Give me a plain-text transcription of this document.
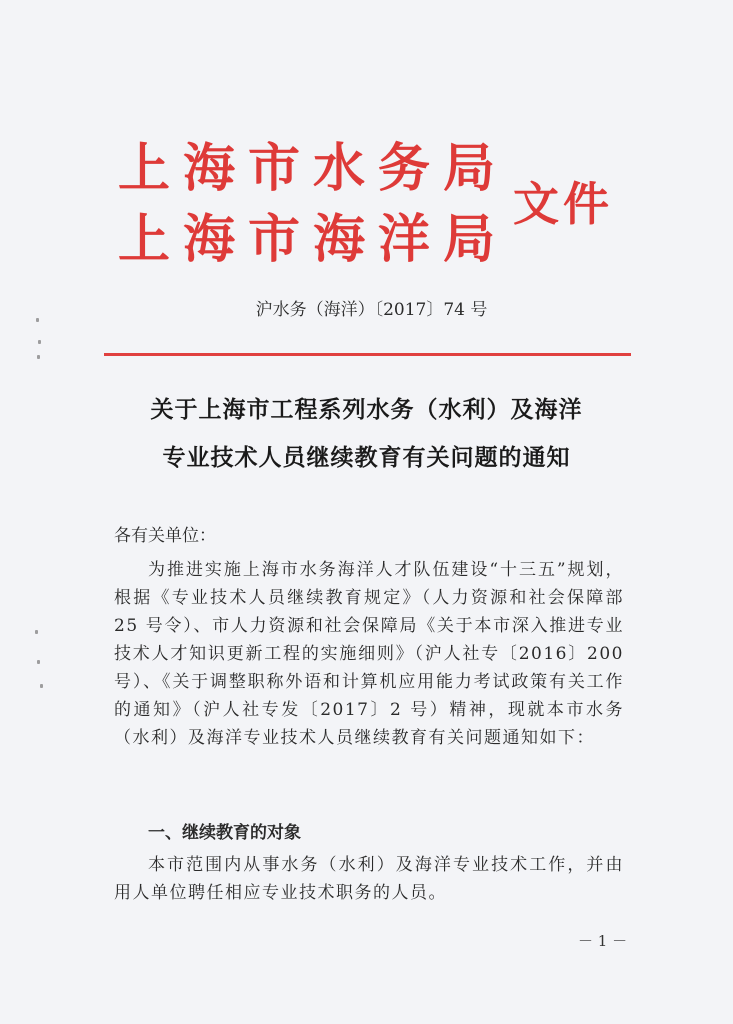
上海市水务局
上海市海洋局
文件
沪水务（海洋）〔2017〕74 号
关于上海市工程系列水务（水利）及海洋
专业技术人员继续教育有关问题的通知
各有关单位：
为推进实施上海市水务海洋人才队伍建设“十三五”规划，根据《专业技术人员继续教育规定》（人力资源和社会保障部 25 号令）、市人力资源和社会保障局《关于本市深入推进专业技术人才知识更新工程的实施细则》（沪人社专〔2016〕200 号）、《关于调整职称外语和计算机应用能力考试政策有关工作的通知》（沪人社专发〔2017〕2 号）精神，现就本市水务（水利）及海洋专业技术人员继续教育有关问题通知如下：
一、继续教育的对象
本市范围内从事水务（水利）及海洋专业技术工作，并由用人单位聘任相应专业技术职务的人员。
－ 1 －
